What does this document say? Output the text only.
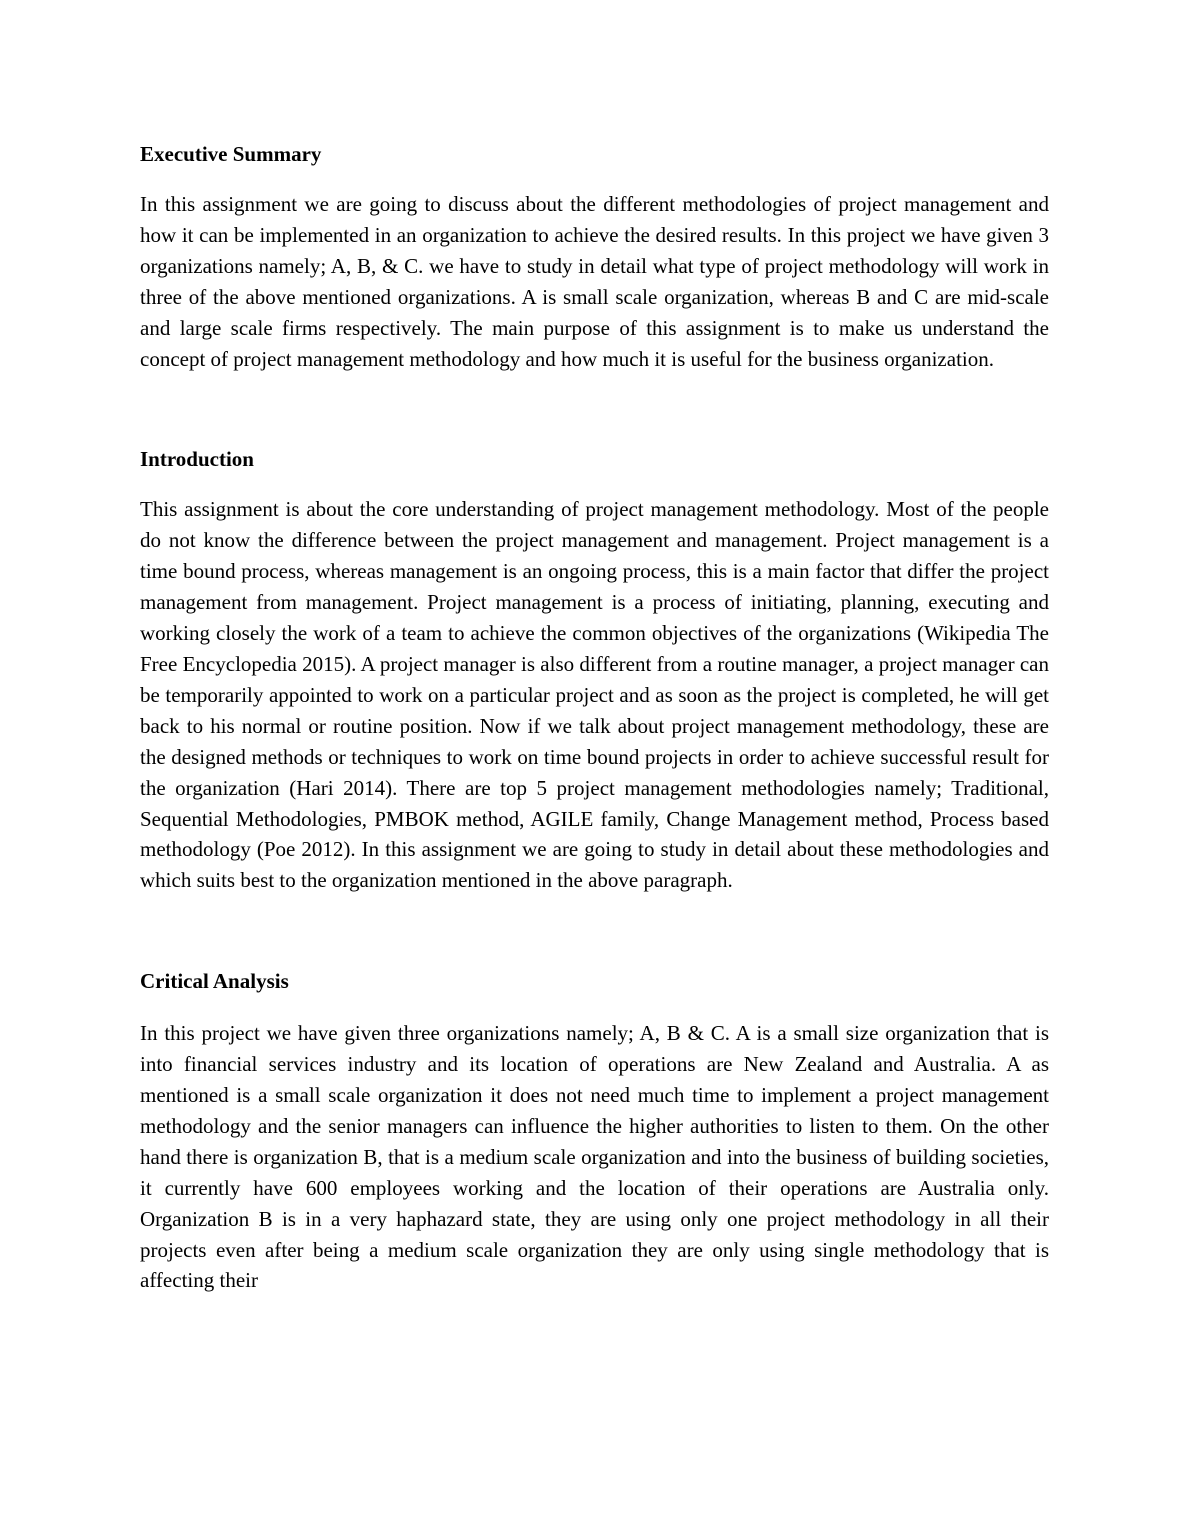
Executive Summary

In this assignment we are going to discuss about the different methodologies of project management and how it can be implemented in an organization to achieve the desired results. In this project we have given 3 organizations namely; A, B, & C. we have to study in detail what type of project methodology will work in three of the above mentioned organizations. A is small scale organization, whereas B and C are mid-scale and large scale firms respectively. The main purpose of this assignment is to make us understand the concept of project management methodology and how much it is useful for the business organization.

Introduction

This assignment is about the core understanding of project management methodology. Most of the people do not know the difference between the project management and management. Project management is a time bound process, whereas management is an ongoing process, this is a main factor that differ the project management from management. Project management is a process of initiating, planning, executing and working closely the work of a team to achieve the common objectives of the organizations (Wikipedia The Free Encyclopedia 2015). A project manager is also different from a routine manager, a project manager can be temporarily appointed to work on a particular project and as soon as the project is completed, he will get back to his normal or routine position. Now if we talk about project management methodology, these are the designed methods or techniques to work on time bound projects in order to achieve successful result for the organization (Hari 2014). There are top 5 project management methodologies namely; Traditional, Sequential Methodologies, PMBOK method, AGILE family, Change Management method, Process based methodology (Poe 2012). In this assignment we are going to study in detail about these methodologies and which suits best to the organization mentioned in the above paragraph.

Critical Analysis

In this project we have given three organizations namely; A, B & C. A is a small size organization that is into financial services industry and its location of operations are New Zealand and Australia. A as mentioned is a small scale organization it does not need much time to implement a project management methodology and the senior managers can influence the higher authorities to listen to them. On the other hand there is organization B, that is a medium scale organization and into the business of building societies, it currently have 600 employees working and the location of their operations are Australia only. Organization B is in a very haphazard state, they are using only one project methodology in all their projects even after being a medium scale organization they are only using single methodology that is affecting their
